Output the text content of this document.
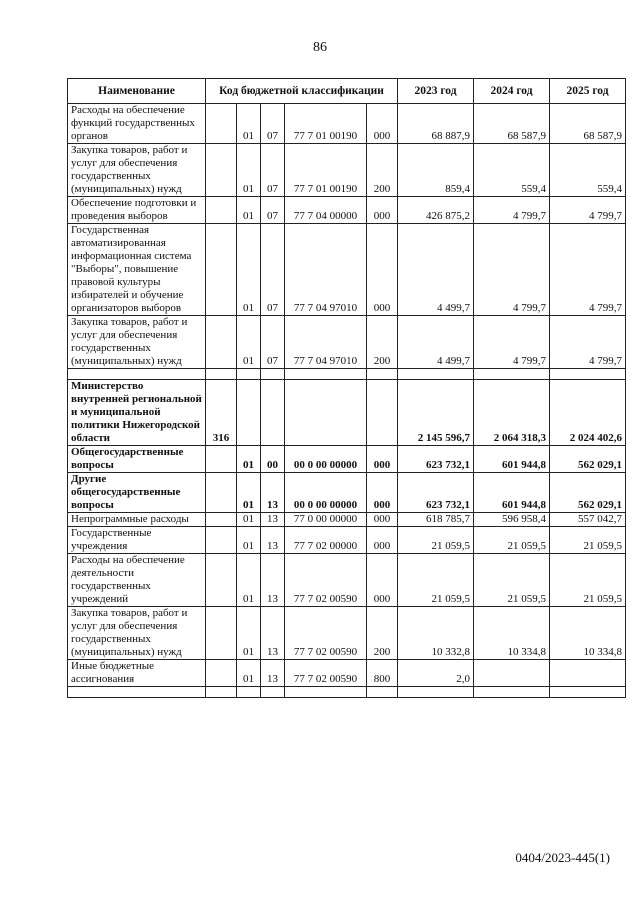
86
Наименование	Код бюджетной классификации					2023 год	2024 год	2025 год
Расходы на обеспечение функций государственных органов		01	07	77 7 01 00190	000	68 887,9	68 587,9	68 587,9
Закупка товаров, работ и услуг для обеспечения государственных (муниципальных) нужд		01	07	77 7 01 00190	200	859,4	559,4	559,4
Обеспечение подготовки и проведения выборов		01	07	77 7 04 00000	000	426 875,2	4 799,7	4 799,7
Государственная автоматизированная информационная система "Выборы", повышение правовой культуры избирателей и обучение организаторов выборов		01	07	77 7 04 97010	000	4 499,7	4 799,7	4 799,7
Закупка товаров, работ и услуг для обеспечения государственных (муниципальных) нужд		01	07	77 7 04 97010	200	4 499,7	4 799,7	4 799,7

Министерство внутренней региональной и муниципальной политики Нижегородской области	316					2 145 596,7	2 064 318,3	2 024 402,6
Общегосударственные вопросы		01	00	00 0 00 00000	000	623 732,1	601 944,8	562 029,1
Другие общегосударственные вопросы		01	13	00 0 00 00000	000	623 732,1	601 944,8	562 029,1
Непрограммные расходы		01	13	77 0 00 00000	000	618 785,7	596 958,4	557 042,7
Государственные учреждения		01	13	77 7 02 00000	000	21 059,5	21 059,5	21 059,5
Расходы на обеспечение деятельности государственных учреждений		01	13	77 7 02 00590	000	21 059,5	21 059,5	21 059,5
Закупка товаров, работ и услуг для обеспечения государственных (муниципальных) нужд		01	13	77 7 02 00590	200	10 332,8	10 334,8	10 334,8
Иные бюджетные ассигнования		01	13	77 7 02 00590	800	2,0		

0404/2023-445(1)
